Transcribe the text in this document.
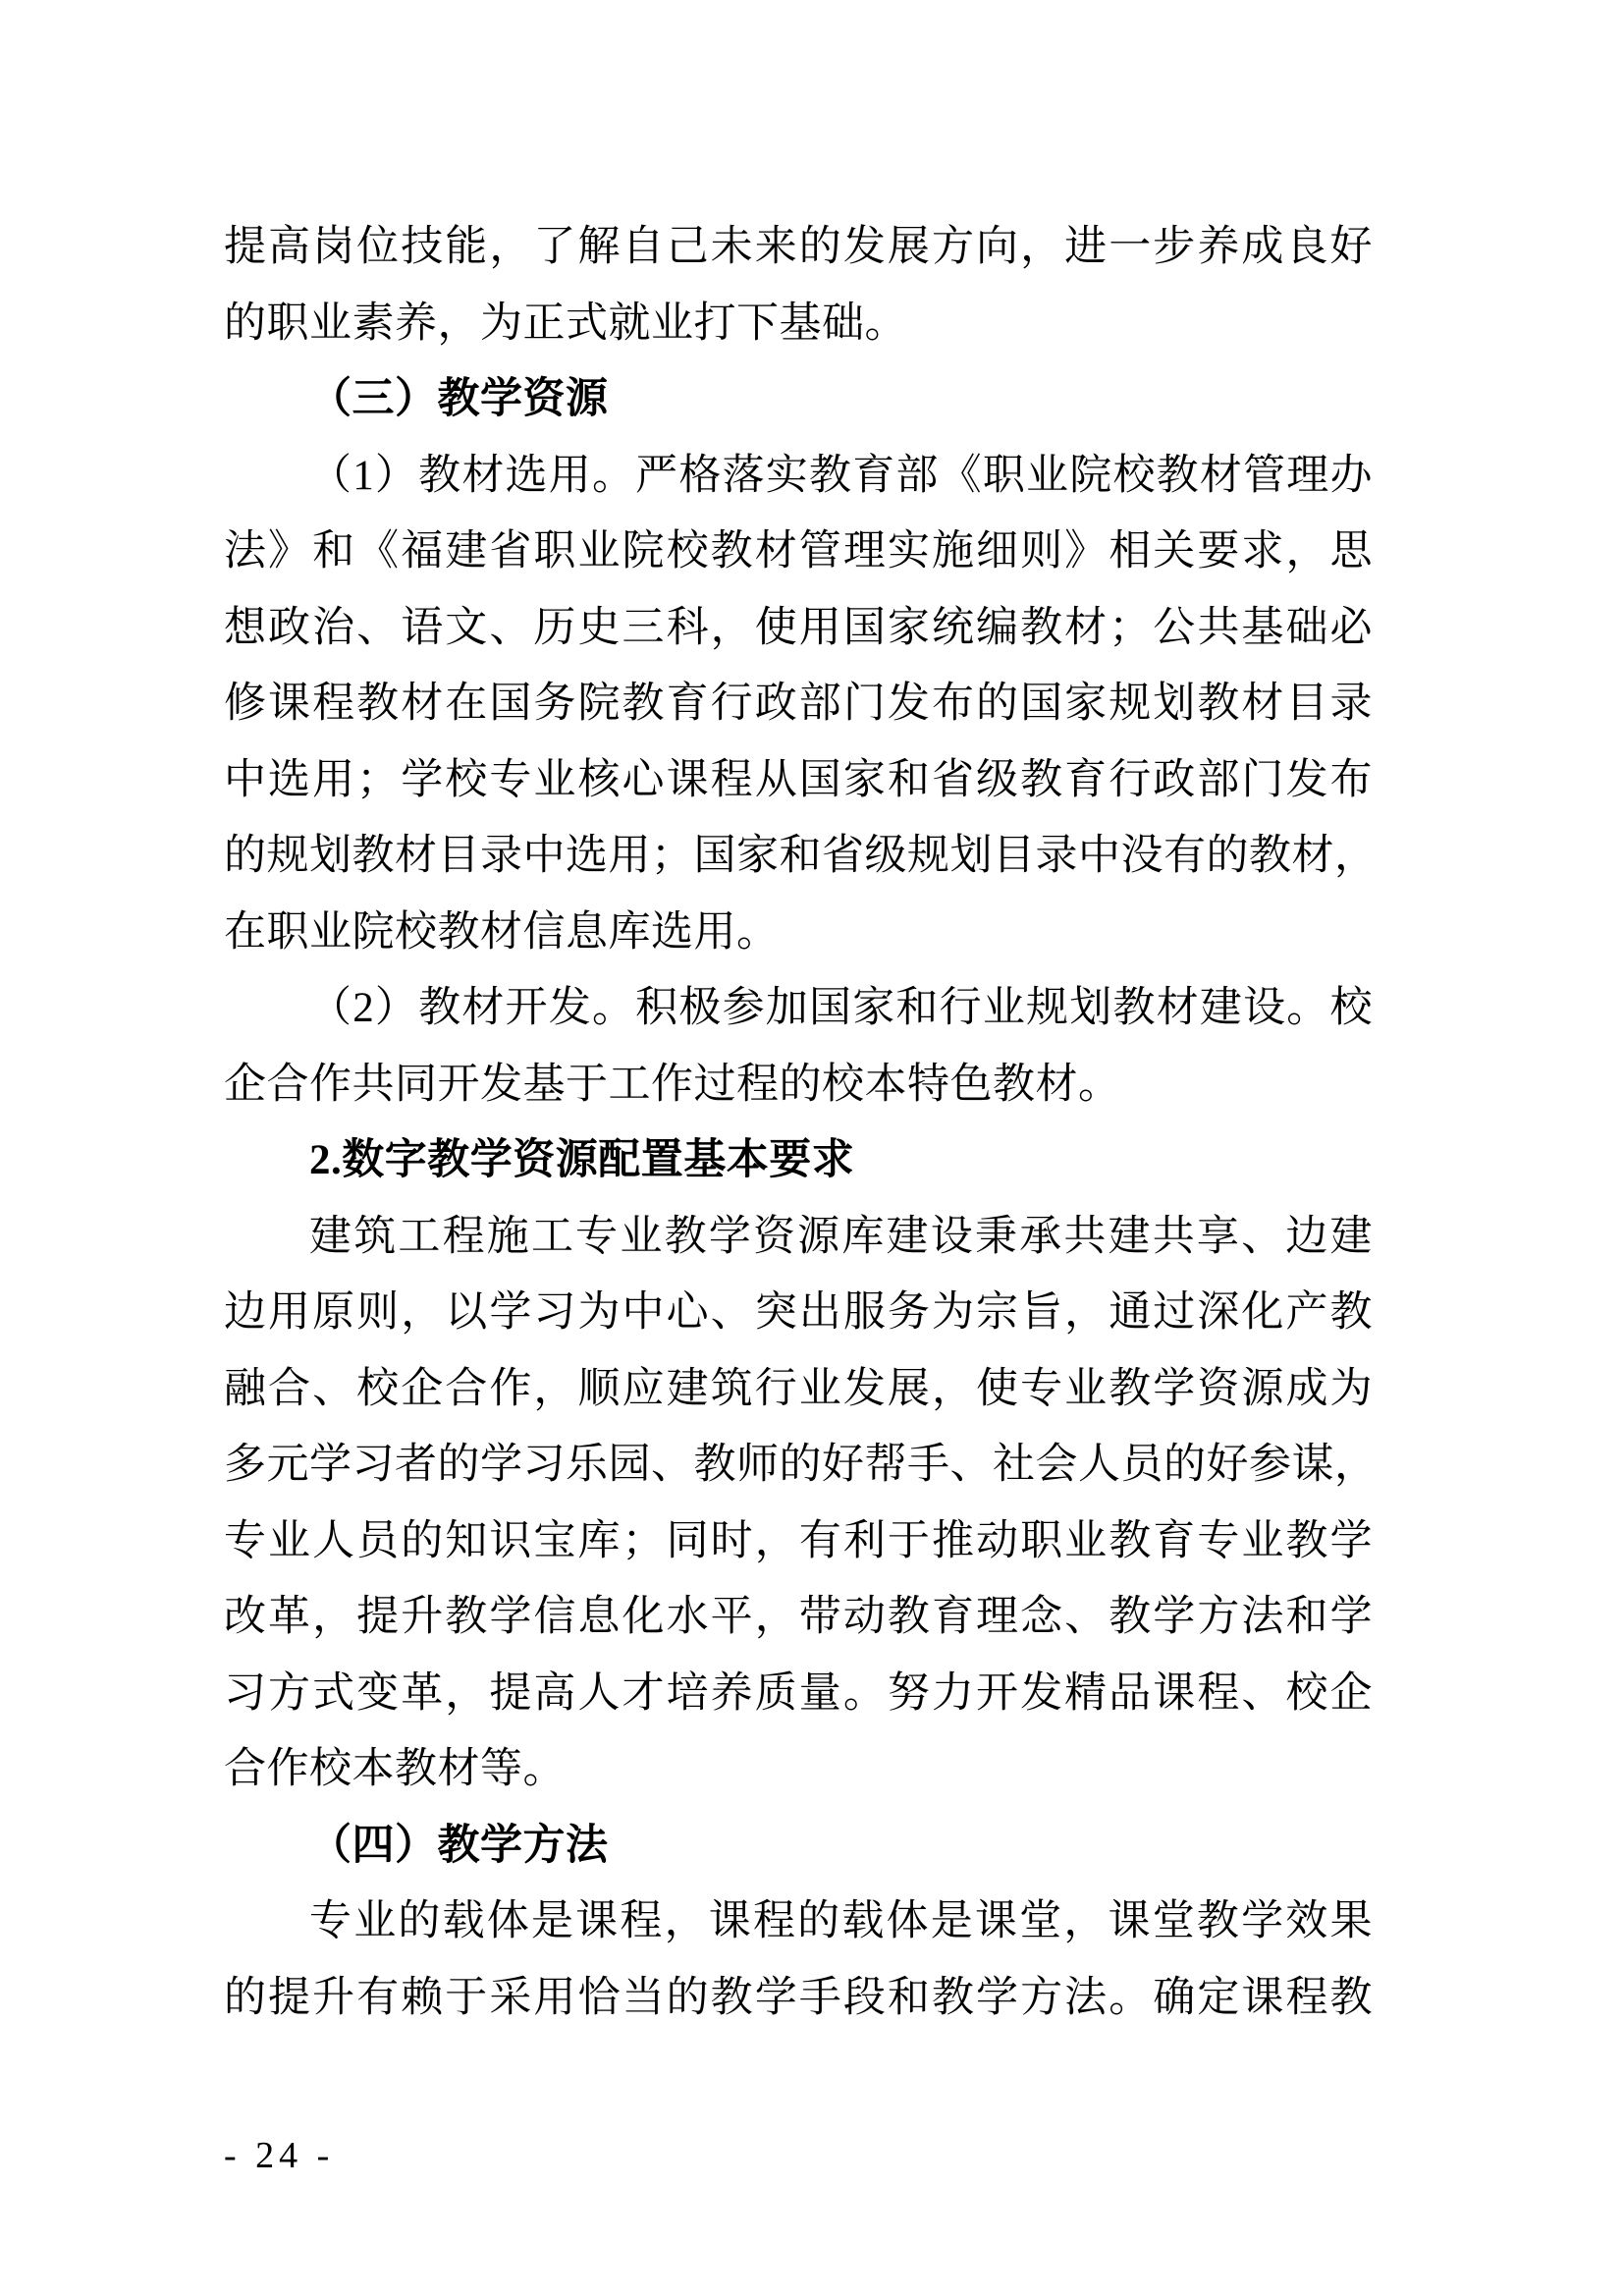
提高岗位技能，了解自己未来的发展方向，进一步养成良好
的职业素养，为正式就业打下基础。
（三）教学资源
（1）教材选用。严格落实教育部《职业院校教材管理办
法》和《福建省职业院校教材管理实施细则》相关要求，思
想政治、语文、历史三科，使用国家统编教材；公共基础必
修课程教材在国务院教育行政部门发布的国家规划教材目录
中选用；学校专业核心课程从国家和省级教育行政部门发布
的规划教材目录中选用；国家和省级规划目录中没有的教材，
在职业院校教材信息库选用。
（2）教材开发。积极参加国家和行业规划教材建设。校
企合作共同开发基于工作过程的校本特色教材。
2.数字教学资源配置基本要求
建筑工程施工专业教学资源库建设秉承共建共享、边建
边用原则，以学习为中心、突出服务为宗旨，通过深化产教
融合、校企合作，顺应建筑行业发展，使专业教学资源成为
多元学习者的学习乐园、教师的好帮手、社会人员的好参谋，
专业人员的知识宝库；同时，有利于推动职业教育专业教学
改革，提升教学信息化水平，带动教育理念、教学方法和学
习方式变革，提高人才培养质量。努力开发精品课程、校企
合作校本教材等。
（四）教学方法
专业的载体是课程，课程的载体是课堂，课堂教学效果
的提升有赖于采用恰当的教学手段和教学方法。确定课程教
- 24 -
